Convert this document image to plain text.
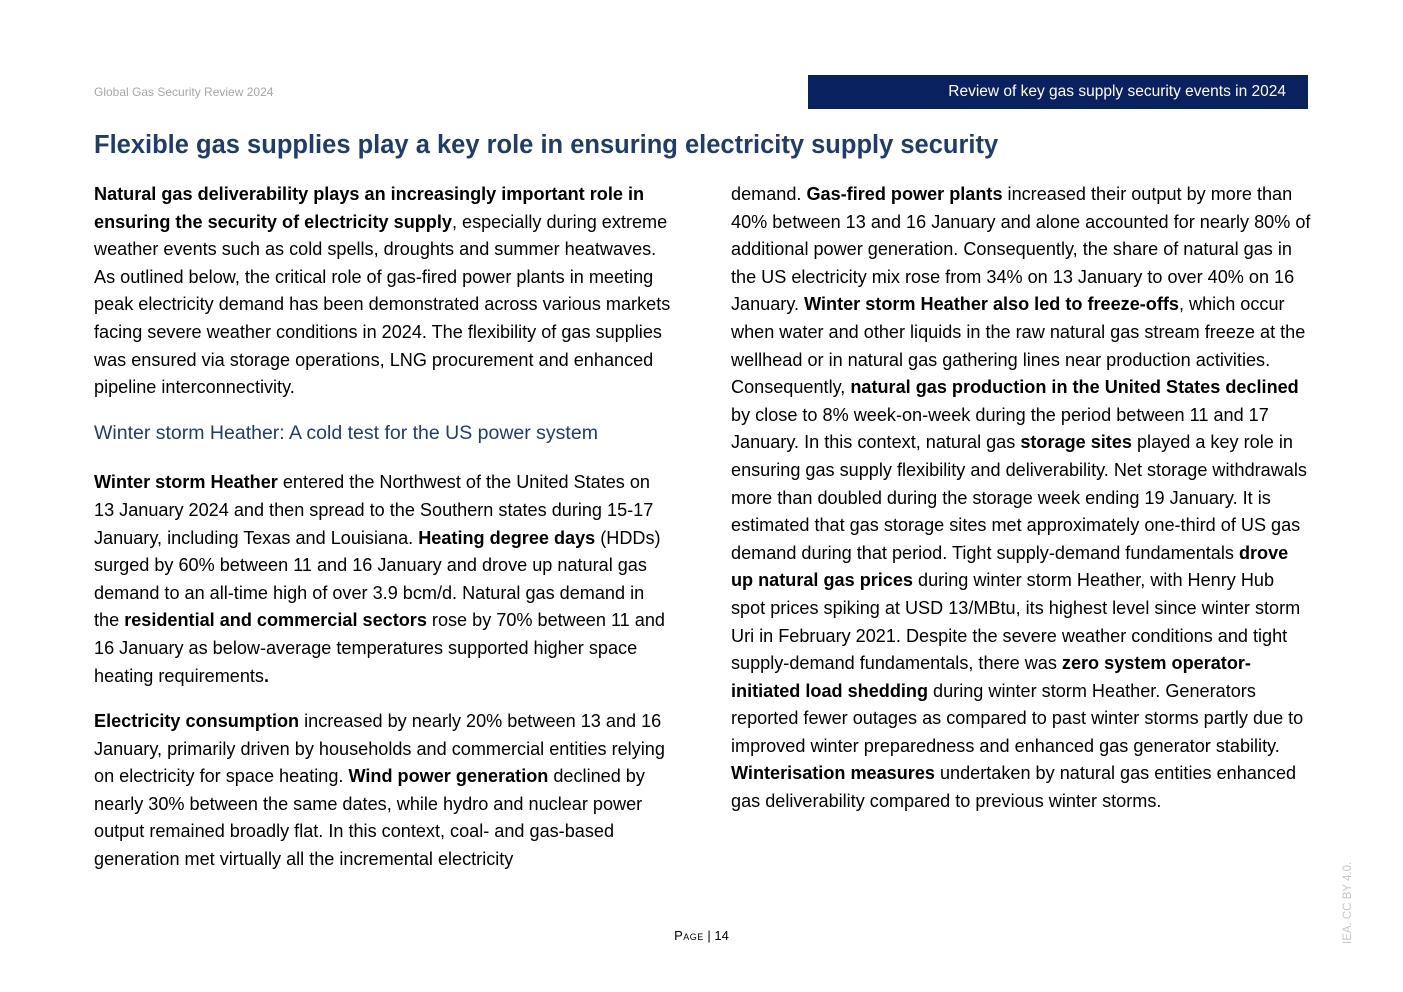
Global Gas Security Review 2024	Review of key gas supply security events in 2024
Flexible gas supplies play a key role in ensuring electricity supply security

Natural gas deliverability plays an increasingly important role in ensuring the security of electricity supply, especially during extreme weather events such as cold spells, droughts and summer heatwaves. As outlined below, the critical role of gas-fired power plants in meeting peak electricity demand has been demonstrated across various markets facing severe weather conditions in 2024. The flexibility of gas supplies was ensured via storage operations, LNG procurement and enhanced pipeline interconnectivity.

Winter storm Heather: A cold test for the US power system

Winter storm Heather entered the Northwest of the United States on 13 January 2024 and then spread to the Southern states during 15-17 January, including Texas and Louisiana. Heating degree days (HDDs) surged by 60% between 11 and 16 January and drove up natural gas demand to an all-time high of over 3.9 bcm/d. Natural gas demand in the residential and commercial sectors rose by 70% between 11 and 16 January as below-average temperatures supported higher space heating requirements.

Electricity consumption increased by nearly 20% between 13 and 16 January, primarily driven by households and commercial entities relying on electricity for space heating. Wind power generation declined by nearly 30% between the same dates, while hydro and nuclear power output remained broadly flat. In this context, coal- and gas-based generation met virtually all the incremental electricity

demand. Gas-fired power plants increased their output by more than 40% between 13 and 16 January and alone accounted for nearly 80% of additional power generation. Consequently, the share of natural gas in the US electricity mix rose from 34% on 13 January to over 40% on 16 January. Winter storm Heather also led to freeze-offs, which occur when water and other liquids in the raw natural gas stream freeze at the wellhead or in natural gas gathering lines near production activities. Consequently, natural gas production in the United States declined by close to 8% week-on-week during the period between 11 and 17 January. In this context, natural gas storage sites played a key role in ensuring gas supply flexibility and deliverability. Net storage withdrawals more than doubled during the storage week ending 19 January. It is estimated that gas storage sites met approximately one-third of US gas demand during that period. Tight supply-demand fundamentals drove up natural gas prices during winter storm Heather, with Henry Hub spot prices spiking at USD 13/MBtu, its highest level since winter storm Uri in February 2021. Despite the severe weather conditions and tight supply-demand fundamentals, there was zero system operator-initiated load shedding during winter storm Heather. Generators reported fewer outages as compared to past winter storms partly due to improved winter preparedness and enhanced gas generator stability. Winterisation measures undertaken by natural gas entities enhanced gas deliverability compared to previous winter storms.

Page | 14	IEA. CC BY 4.0.
